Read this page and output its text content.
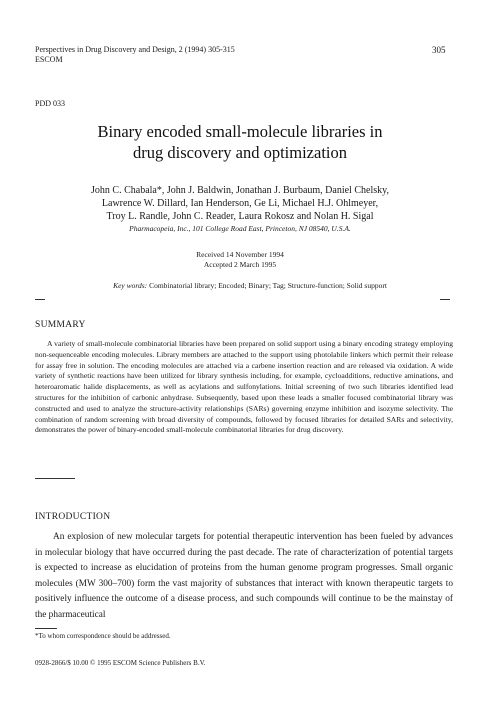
Perspectives in Drug Discovery and Design, 2 (1994) 305-315
ESCOM
305
PDD 033
Binary encoded small-molecule libraries in
drug discovery and optimization
John C. Chabala*, John J. Baldwin, Jonathan J. Burbaum, Daniel Chelsky,
Lawrence W. Dillard, Ian Henderson, Ge Li, Michael H.J. Ohlmeyer,
Troy L. Randle, John C. Reader, Laura Rokosz and Nolan H. Sigal
Pharmacopeia, Inc., 101 College Road East, Princeton, NJ 08540, U.S.A.
Received 14 November 1994
Accepted 2 March 1995
Key words: Combinatorial library; Encoded; Binary; Tag; Structure-function; Solid support
SUMMARY
A variety of small-molecule combinatorial libraries have been prepared on solid support using a binary encoding strategy employing non-sequenceable encoding molecules. Library members are attached to the support using photolabile linkers which permit their release for assay free in solution. The encoding molecules are attached via a carbene insertion reaction and are released via oxidation. A wide variety of synthetic reactions have been utilized for library synthesis including, for example, cycloadditions, reductive aminations, and heteroaromatic halide displacements, as well as acylations and sulfonylations. Initial screening of two such libraries identified lead structures for the inhibition of carbonic anhydrase. Subsequently, based upon these leads a smaller focused combinatorial library was constructed and used to analyze the structure-activity relationships (SARs) governing enzyme inhibition and isozyme selectivity. The combination of random screening with broad diversity of compounds, followed by focused libraries for detailed SARs and selectivity, demonstrates the power of binary-encoded small-molecule combinatorial libraries for drug discovery.
INTRODUCTION
An explosion of new molecular targets for potential therapeutic intervention has been fueled by advances in molecular biology that have occurred during the past decade. The rate of characterization of potential targets is expected to increase as elucidation of proteins from the human genome program progresses. Small organic molecules (MW 300–700) form the vast majority of substances that interact with known therapeutic targets to positively influence the outcome of a disease process, and such compounds will continue to be the mainstay of the pharmaceutical
*To whom correspondence should be addressed.
0928-2866/$ 10.00 © 1995 ESCOM Science Publishers B.V.
